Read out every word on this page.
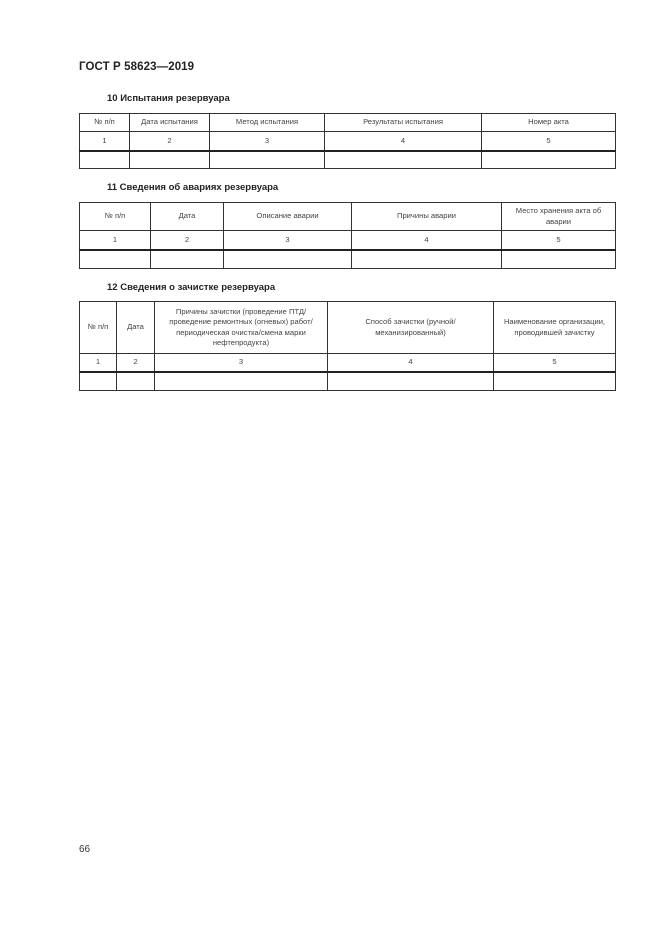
ГОСТ Р 58623—2019
10 Испытания резервуара
№ п/п	Дата испытания	Метод испытания	Результаты испытания	Номер акта
1	2	3	4	5

11 Сведения об авариях резервуара
№ п/п	Дата	Описание аварии	Причины аварии	Место хранения акта об аварии
1	2	3	4	5

12 Сведения о зачистке резервуара
№ п/п	Дата	Причины зачистки (проведение ПТД/ проведение ремонтных (огневых) работ/ периодическая очистка/смена марки нефтепродукта)	Способ зачистки (ручной/ механизированный)	Наименование организации, проводившей зачистку
1	2	3	4	5

66
